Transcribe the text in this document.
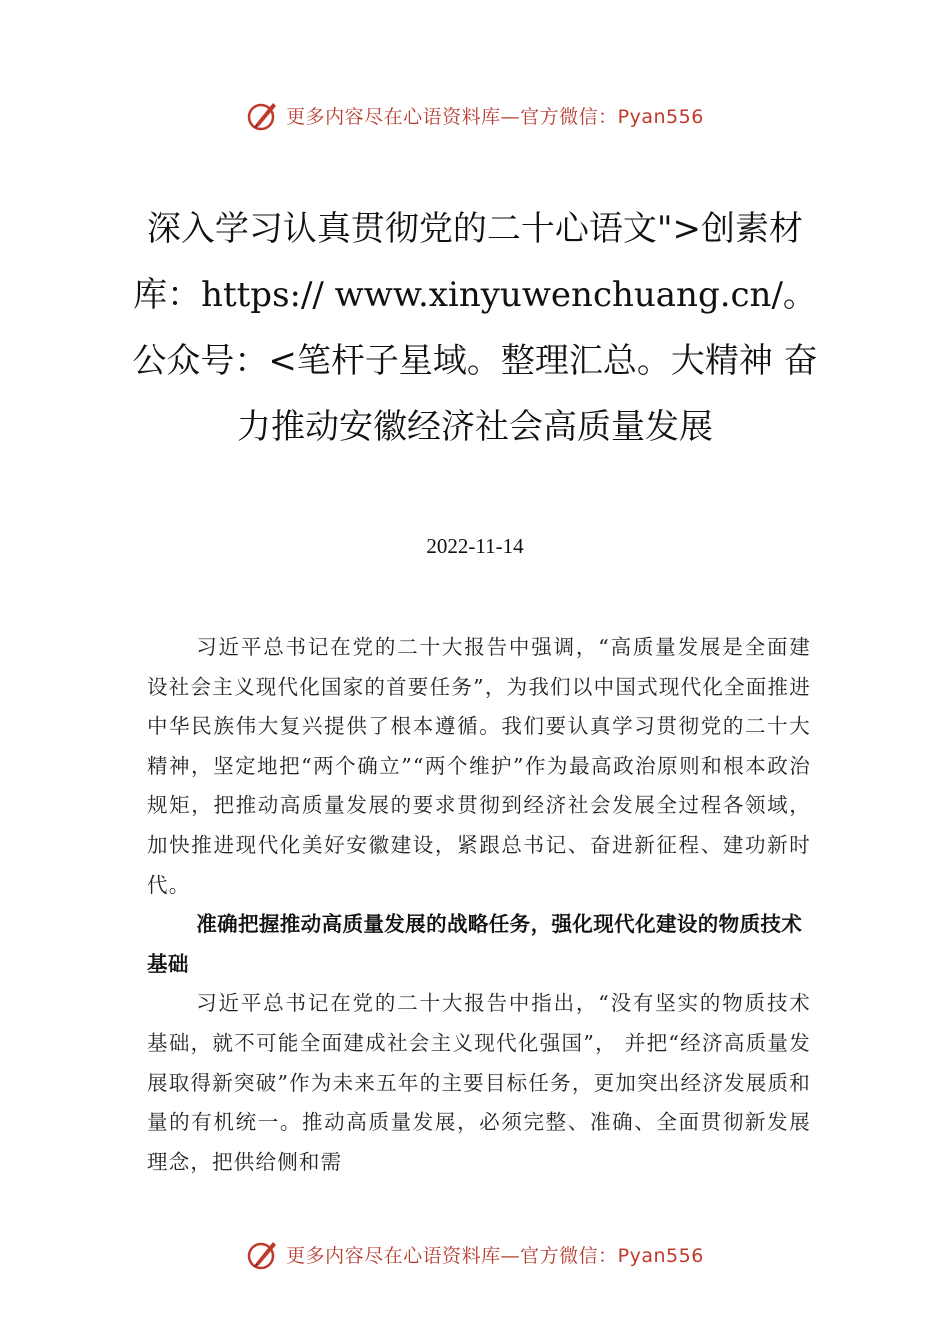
更多内容尽在心语资料库—官方微信：Pyan556
深入学习认真贯彻党的二十心语文">创素材库：https:// www.xinyuwenchuang.cn/。公众号：<笔杆子星域。整理汇总。大精神 奋力推动安徽经济社会高质量发展
2022-11-14

习近平总书记在党的二十大报告中强调，“高质量发展是全面建设社会主义现代化国家的首要任务”，为我们以中国式现代化全面推进中华民族伟大复兴提供了根本遵循。我们要认真学习贯彻党的二十大精神，坚定地把“两个确立”“两个维护”作为最高政治原则和根本政治规矩，把推动高质量发展的要求贯彻到经济社会发展全过程各领域，加快推进现代化美好安徽建设，紧跟总书记、奋进新征程、建功新时代。

准确把握推动高质量发展的战略任务，强化现代化建设的物质技术基础

习近平总书记在党的二十大报告中指出，“没有坚实的物质技术基础，就不可能全面建成社会主义现代化强国”， 并把“经济高质量发展取得新突破”作为未来五年的主要目标任务，更加突出经济发展质和量的有机统一。推动高质量发展，必须完整、准确、全面贯彻新发展理念，把供给侧和需

更多内容尽在心语资料库—官方微信：Pyan556
